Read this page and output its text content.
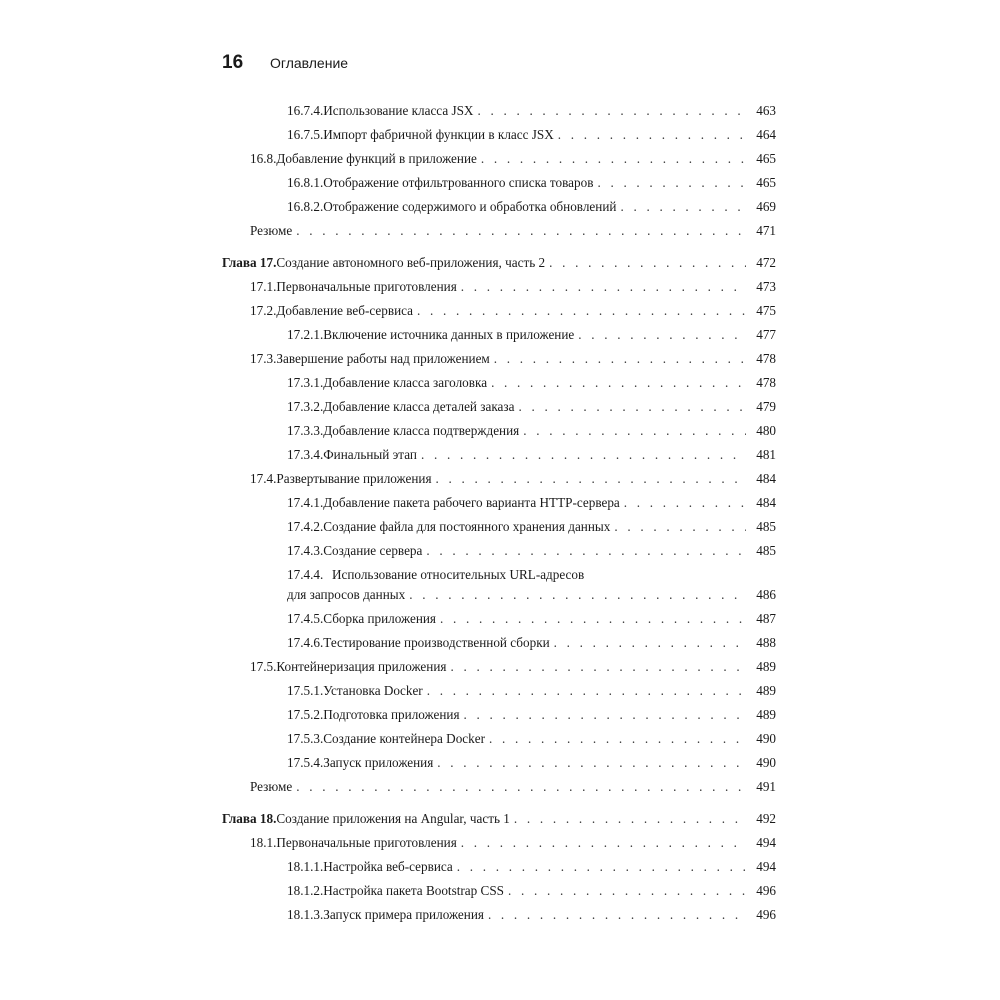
16	Оглавление
16.7.4. Использование класса JSX . . .	463
16.7.5. Импорт фабричной функции в класс JSX . . .	464
16.8. Добавление функций в приложение . . .	465
16.8.1. Отображение отфильтрованного списка товаров . . .	465
16.8.2. Отображение содержимого и обработка обновлений . . .	469
Резюме . . .	471
Глава 17. Создание автономного веб-приложения, часть 2 . . .	472
17.1. Первоначальные приготовления . . .	473
17.2. Добавление веб-сервиса . . .	475
17.2.1. Включение источника данных в приложение . . .	477
17.3. Завершение работы над приложением . . .	478
17.3.1. Добавление класса заголовка . . .	478
17.3.2. Добавление класса деталей заказа . . .	479
17.3.3. Добавление класса подтверждения . . .	480
17.3.4. Финальный этап . . .	481
17.4. Развертывание приложения . . .	484
17.4.1. Добавление пакета рабочего варианта HTTP-сервера . . .	484
17.4.2. Создание файла для постоянного хранения данных . . .	485
17.4.3. Создание сервера . . .	485
17.4.4. Использование относительных URL-адресов
для запросов данных . . .	486
17.4.5. Сборка приложения . . .	487
17.4.6. Тестирование производственной сборки . . .	488
17.5. Контейнеризация приложения . . .	489
17.5.1. Установка Docker . . .	489
17.5.2. Подготовка приложения . . .	489
17.5.3. Создание контейнера Docker . . .	490
17.5.4. Запуск приложения . . .	490
Резюме . . .	491
Глава 18. Создание приложения на Angular, часть 1 . . .	492
18.1. Первоначальные приготовления . . .	494
18.1.1. Настройка веб-сервиса . . .	494
18.1.2. Настройка пакета Bootstrap CSS . . .	496
18.1.3. Запуск примера приложения . . .	496
